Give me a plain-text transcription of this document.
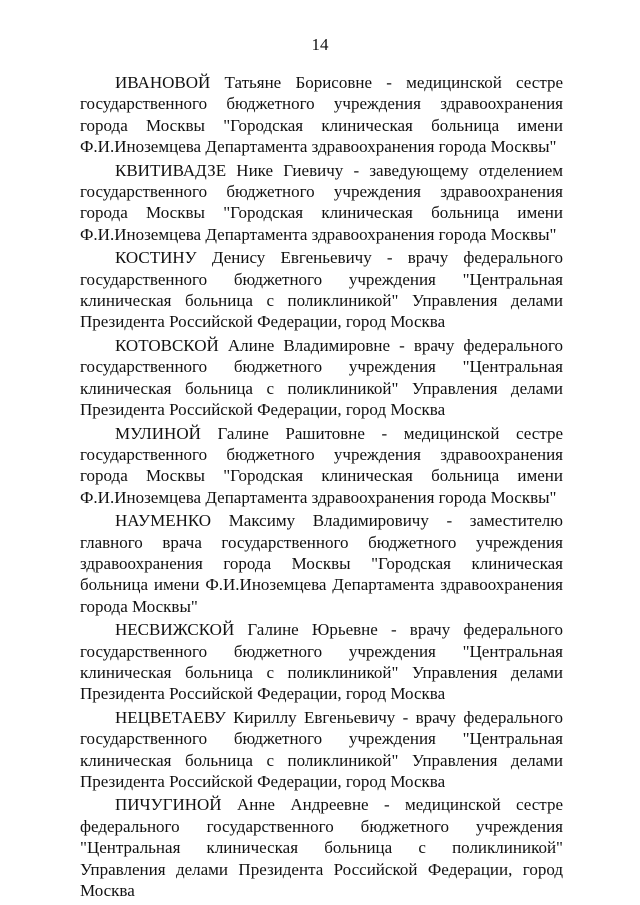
14

ИВАНОВОЙ Татьяне Борисовне - медицинской сестре государственного бюджетного учреждения здравоохранения города Москвы "Городская клиническая больница имени Ф.И.Иноземцева Департамента здравоохранения города Москвы"

КВИТИВАДЗЕ Нике Гиевичу - заведующему отделением государственного бюджетного учреждения здравоохранения города Москвы "Городская клиническая больница имени Ф.И.Иноземцева Департамента здравоохранения города Москвы"

КОСТИНУ Денису Евгеньевичу - врачу федерального государственного бюджетного учреждения "Центральная клиническая больница с поликлиникой" Управления делами Президента Российской Федерации, город Москва

КОТОВСКОЙ Алине Владимировне - врачу федерального государственного бюджетного учреждения "Центральная клиническая больница с поликлиникой" Управления делами Президента Российской Федерации, город Москва

МУЛИНОЙ Галине Рашитовне - медицинской сестре государственного бюджетного учреждения здравоохранения города Москвы "Городская клиническая больница имени Ф.И.Иноземцева Департамента здравоохранения города Москвы"

НАУМЕНКО Максиму Владимировичу - заместителю главного врача государственного бюджетного учреждения здравоохранения города Москвы "Городская клиническая больница имени Ф.И.Иноземцева Департамента здравоохранения города Москвы"

НЕСВИЖСКОЙ Галине Юрьевне - врачу федерального государственного бюджетного учреждения "Центральная клиническая больница с поликлиникой" Управления делами Президента Российской Федерации, город Москва

НЕЦВЕТАЕВУ Кириллу Евгеньевичу - врачу федерального государственного бюджетного учреждения "Центральная клиническая больница с поликлиникой" Управления делами Президента Российской Федерации, город Москва

ПИЧУГИНОЙ Анне Андреевне - медицинской сестре федерального государственного бюджетного учреждения "Центральная клиническая больница с поликлиникой" Управления делами Президента Российской Федерации, город Москва
